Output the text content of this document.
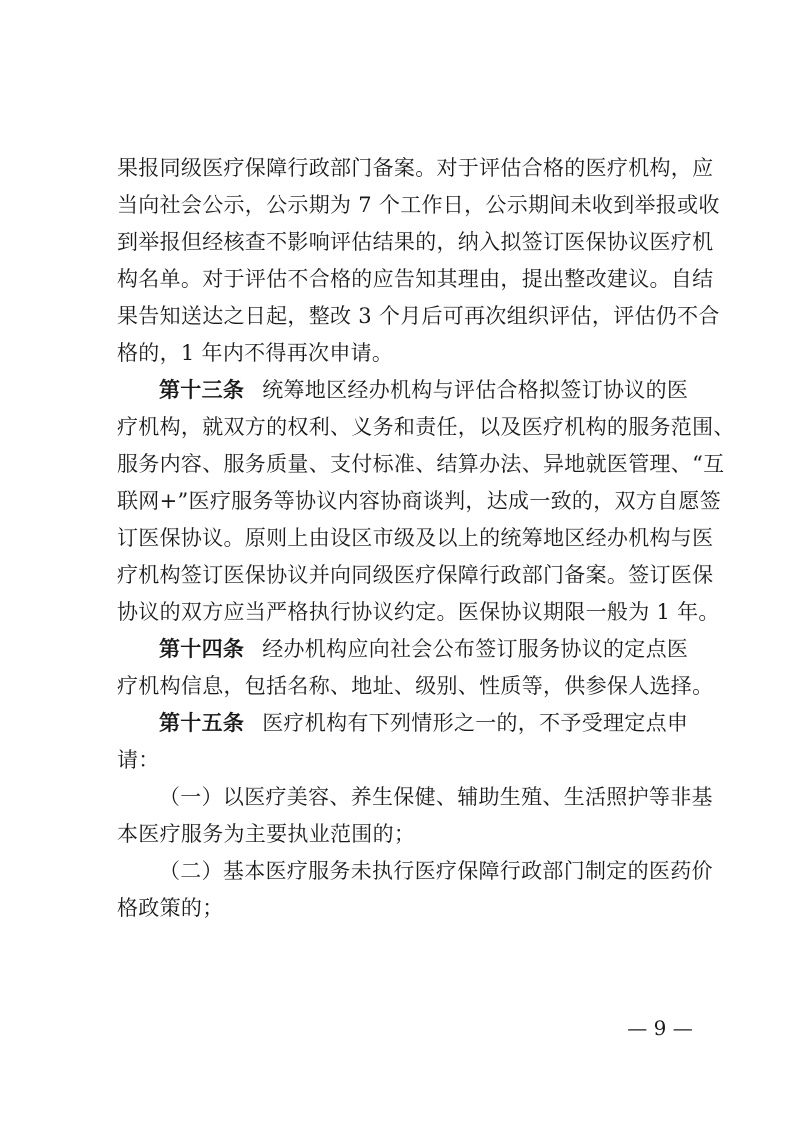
果报同级医疗保障行政部门备案。对于评估合格的医疗机构，应
当向社会公示，公示期为 7 个工作日，公示期间未收到举报或收
到举报但经核查不影响评估结果的，纳入拟签订医保协议医疗机
构名单。对于评估不合格的应告知其理由，提出整改建议。自结
果告知送达之日起，整改 3 个月后可再次组织评估，评估仍不合
格的，1 年内不得再次申请。
第十三条 统筹地区经办机构与评估合格拟签订协议的医
疗机构，就双方的权利、义务和责任，以及医疗机构的服务范围、
服务内容、服务质量、支付标准、结算办法、异地就医管理、“互
联网+”医疗服务等协议内容协商谈判，达成一致的，双方自愿签
订医保协议。原则上由设区市级及以上的统筹地区经办机构与医
疗机构签订医保协议并向同级医疗保障行政部门备案。签订医保
协议的双方应当严格执行协议约定。医保协议期限一般为 1 年。
第十四条 经办机构应向社会公布签订服务协议的定点医
疗机构信息，包括名称、地址、级别、性质等，供参保人选择。
第十五条 医疗机构有下列情形之一的，不予受理定点申
请：
（一）以医疗美容、养生保健、辅助生殖、生活照护等非基
本医疗服务为主要执业范围的；
（二）基本医疗服务未执行医疗保障行政部门制定的医药价
格政策的；
— 9 —
